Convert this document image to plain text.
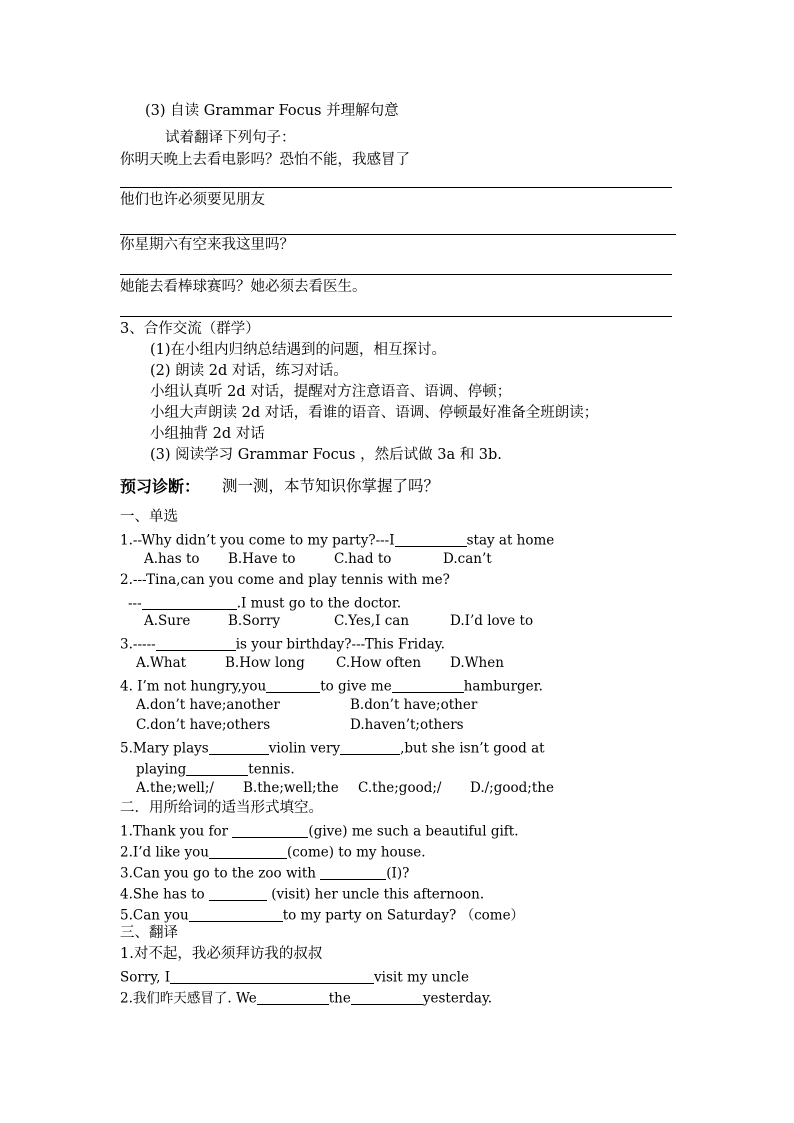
(3) 自读 Grammar Focus 并理解句意
试着翻译下列句子：
你明天晚上去看电影吗？恐怕不能，我感冒了
他们也许必须要见朋友
你星期六有空来我这里吗？
她能去看棒球赛吗？她必须去看医生。
3、合作交流（群学）
(1)在小组内归纳总结遇到的问题，相互探讨。
(2) 朗读 2d 对话，练习对话。
小组认真听 2d 对话，提醒对方注意语音、语调、停顿；
小组大声朗读 2d 对话，看谁的语音、语调、停顿最好准备全班朗读；
小组抽背 2d 对话
(3) 阅读学习 Grammar Focus ，然后试做 3a 和 3b.
预习诊断： 测一测，本节知识你掌握了吗？
一、单选
1.--Why didn’t you come to my party?---I	stay at home
A.has to B.Have to	C.had to	D.can’t
2.---Tina,can you come and play tennis with me?
---	.I must go to the doctor.
A.Sure	B.Sorry	C.Yes,I can	D.I’d love to
3.-----	is your birthday?---This Friday.
A.What	B.How long C.How often D.When
4. I’m not hungry,you	to give me	hamburger.
A.don’t have;another	B.don’t have;other
C.don’t have;others	D.haven’t;others
5.Mary plays	violin very	,but she isn’t good at
playing	tennis.
A.the;well;/ B.the;well;the C.the;good;/ D./;good;the
二．用所给词的适当形式填空。
1.Thank you for	(give) me such a beautiful gift.
2.I’d like you	(come) to my house.
3.Can you go to the zoo with	(I)?
4.She has to	(visit) her uncle this afternoon.
5.Can you	to my party on Saturday? （come）
三、翻译
1.对不起，我必须拜访我的叔叔
Sorry, I	visit my uncle
2.我们昨天感冒了. We	the	yesterday.
